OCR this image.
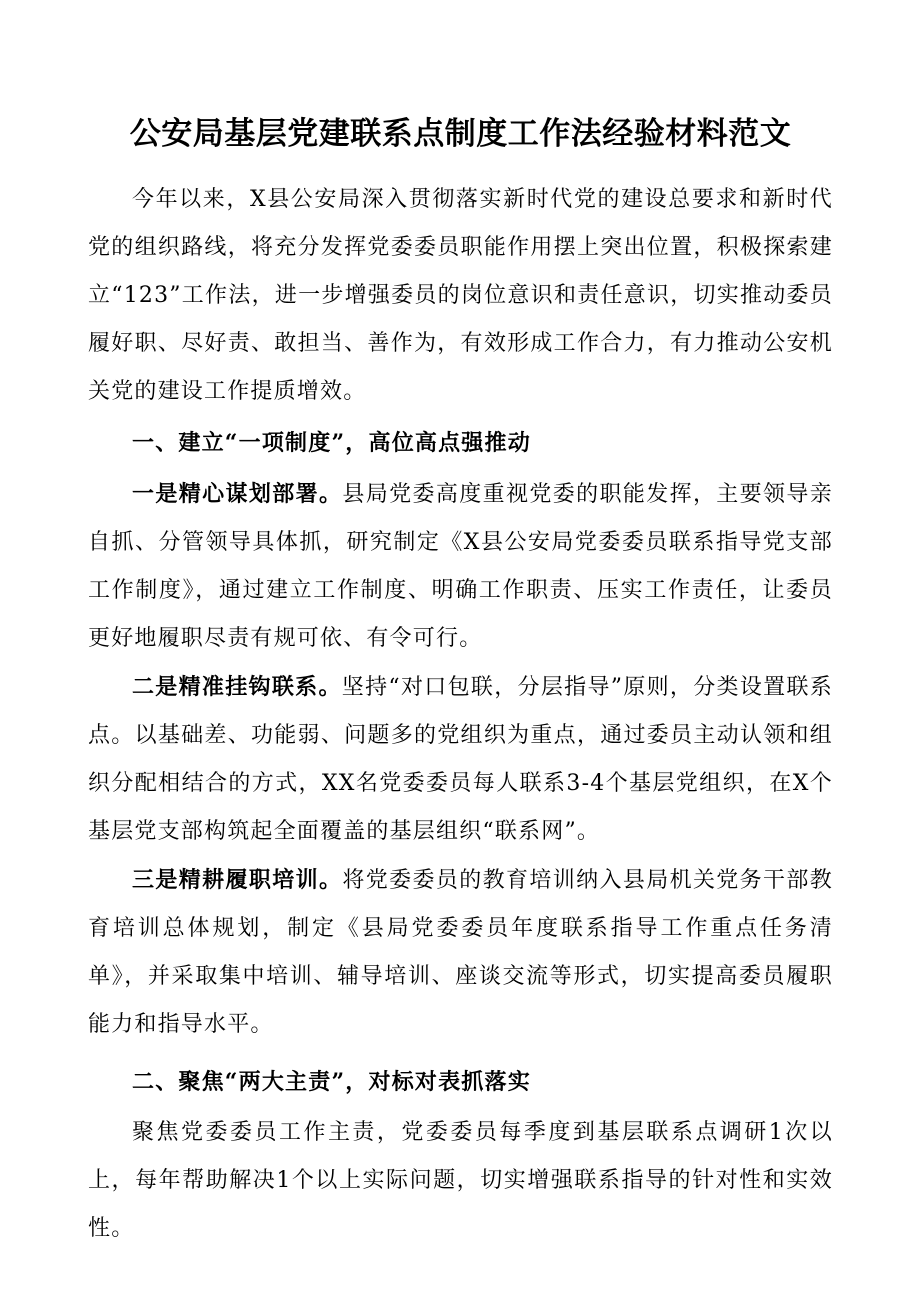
公安局基层党建联系点制度工作法经验材料范文

今年以来，X县公安局深入贯彻落实新时代党的建设总要求和新时代党的组织路线，将充分发挥党委委员职能作用摆上突出位置，积极探索建立“123”工作法，进一步增强委员的岗位意识和责任意识，切实推动委员履好职、尽好责、敢担当、善作为，有效形成工作合力，有力推动公安机关党的建设工作提质增效。

一、建立“一项制度”，高位高点强推动

一是精心谋划部署。县局党委高度重视党委的职能发挥，主要领导亲自抓、分管领导具体抓，研究制定《X县公安局党委委员联系指导党支部工作制度》，通过建立工作制度、明确工作职责、压实工作责任，让委员更好地履职尽责有规可依、有令可行。

二是精准挂钩联系。坚持“对口包联，分层指导”原则，分类设置联系点。以基础差、功能弱、问题多的党组织为重点，通过委员主动认领和组织分配相结合的方式，XX名党委委员每人联系3-4个基层党组织，在X个基层党支部构筑起全面覆盖的基层组织“联系网”。

三是精耕履职培训。将党委委员的教育培训纳入县局机关党务干部教育培训总体规划，制定《县局党委委员年度联系指导工作重点任务清单》，并采取集中培训、辅导培训、座谈交流等形式，切实提高委员履职能力和指导水平。

二、聚焦“两大主责”，对标对表抓落实

聚焦党委委员工作主责，党委委员每季度到基层联系点调研1次以上，每年帮助解决1个以上实际问题，切实增强联系指导的针对性和实效性。
